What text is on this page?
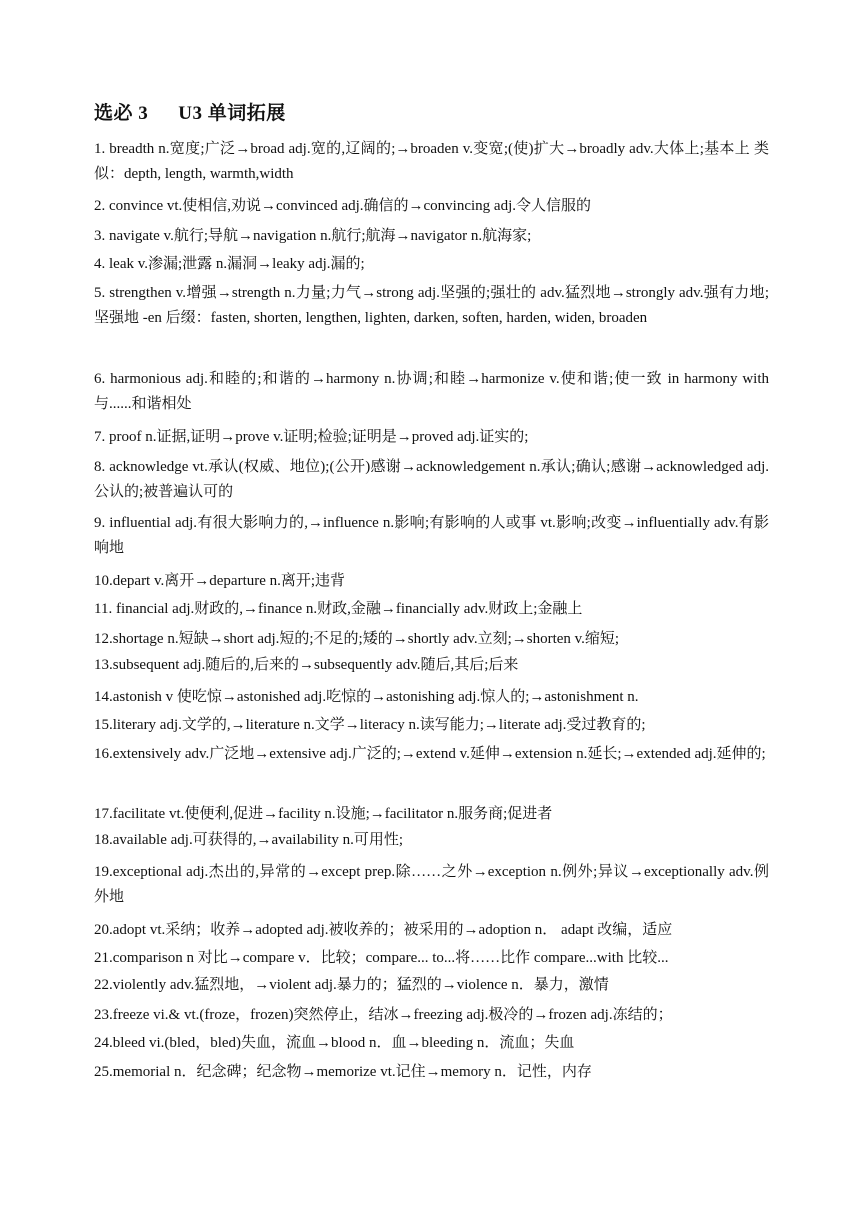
选必 3 U3 单词拓展
1. breadth n.宽度;广泛→broad adj.宽的,辽阔的;→broaden v.变宽;(使)扩大→broadly adv.大体上;基本上 类似：depth, length, warmth,width
2. convince vt.使相信,劝说→convinced adj.确信的→convincing adj.令人信服的
3. navigate v.航行;导航→navigation n.航行;航海→navigator n.航海家;
4. leak v.渗漏;泄露 n.漏洞→leaky adj.漏的;
5. strengthen v.增强→strength n.力量;力气→strong adj.坚强的;强壮的 adv.猛烈地→strongly adv.强有力地;坚强地 -en 后缀：fasten, shorten, lengthen, lighten, darken, soften, harden, widen, broaden
6. harmonious adj.和睦的;和谐的→harmony n.协调;和睦→harmonize v.使和谐;使一致 in harmony with 与......和谐相处
7. proof n.证据,证明→prove v.证明;检验;证明是→proved adj.证实的;
8. acknowledge vt.承认(权威、地位);(公开)感谢→acknowledgement n.承认;确认;感谢→acknowledged adj.公认的;被普遍认可的
9. influential adj.有很大影响力的,→influence n.影响;有影响的人或事 vt.影响;改变→influentially adv.有影响地
10.depart v.离开→departure n.离开;违背
11. financial adj.财政的,→finance n.财政,金融→financially adv.财政上;金融上
12.shortage n.短缺→short adj.短的;不足的;矮的→shortly adv.立刻;→shorten v.缩短;
13.subsequent adj.随后的,后来的→subsequently adv.随后,其后;后来
14.astonish v 使吃惊→astonished adj.吃惊的→astonishing adj.惊人的;→astonishment n.
15.literary adj.文学的,→literature n.文学→literacy n.读写能力;→literate adj.受过教育的;
16.extensively adv.广泛地→extensive adj.广泛的;→extend v.延伸→extension n.延长;→extended adj.延伸的;
17.facilitate vt.使便利,促进→facility n.设施;→facilitator n.服务商;促进者
18.available adj.可获得的,→availability n.可用性;
19.exceptional adj.杰出的,异常的→except prep.除……之外→exception n.例外;异议→exceptionally adv.例外地
20.adopt vt.采纳；收养→adopted adj.被收养的；被采用的→adoption n． adapt 改编，适应
21.comparison n 对比→compare v．比较；compare... to...将……比作 compare...with 比较...
22.violently adv.猛烈地，→violent adj.暴力的；猛烈的→violence n．暴力，激情
23.freeze vi.& vt.(froze，frozen)突然停止，结冰→freezing adj.极冷的→frozen adj.冻结的；
24.bleed vi.(bled，bled)失血，流血→blood n．血→bleeding n．流血；失血
25.memorial n．纪念碑；纪念物→memorize vt.记住→memory n．记性，内存
